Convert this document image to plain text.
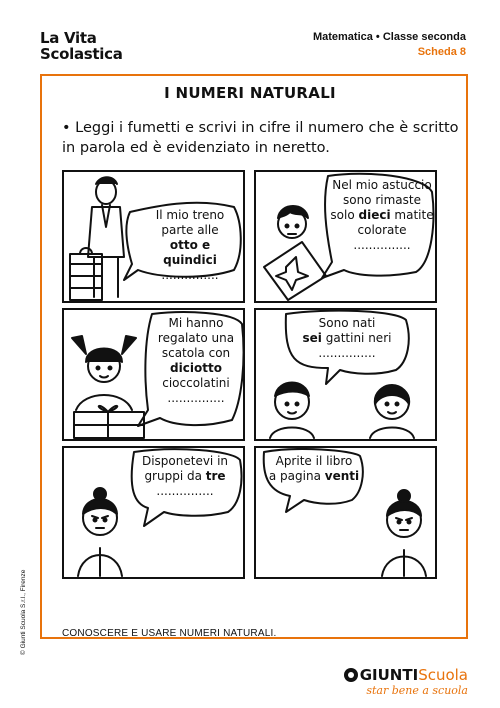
La Vita
Scolastica
Matematica • Classe seconda
Scheda 8
I NUMERI NATURALI
• Leggi i fumetti e scrivi in cifre il numero che è scritto in parola ed è evidenziato in neretto.
Il mio treno
parte alle
otto e quindici
...............
Nel mio astuccio
sono rimaste
solo dieci matite
colorate
...............
Mi hanno
regalato una
scatola con
diciotto
cioccolatini
...............
Sono nati
sei gattini neri
...............
Disponetevi in
gruppi da tre
...............
Aprite il libro
a pagina venti
CONOSCERE E USARE NUMERI NATURALI.
© Giunti Scuola S.r.l., Firenze
GIUNTIScuola
star bene a scuola
